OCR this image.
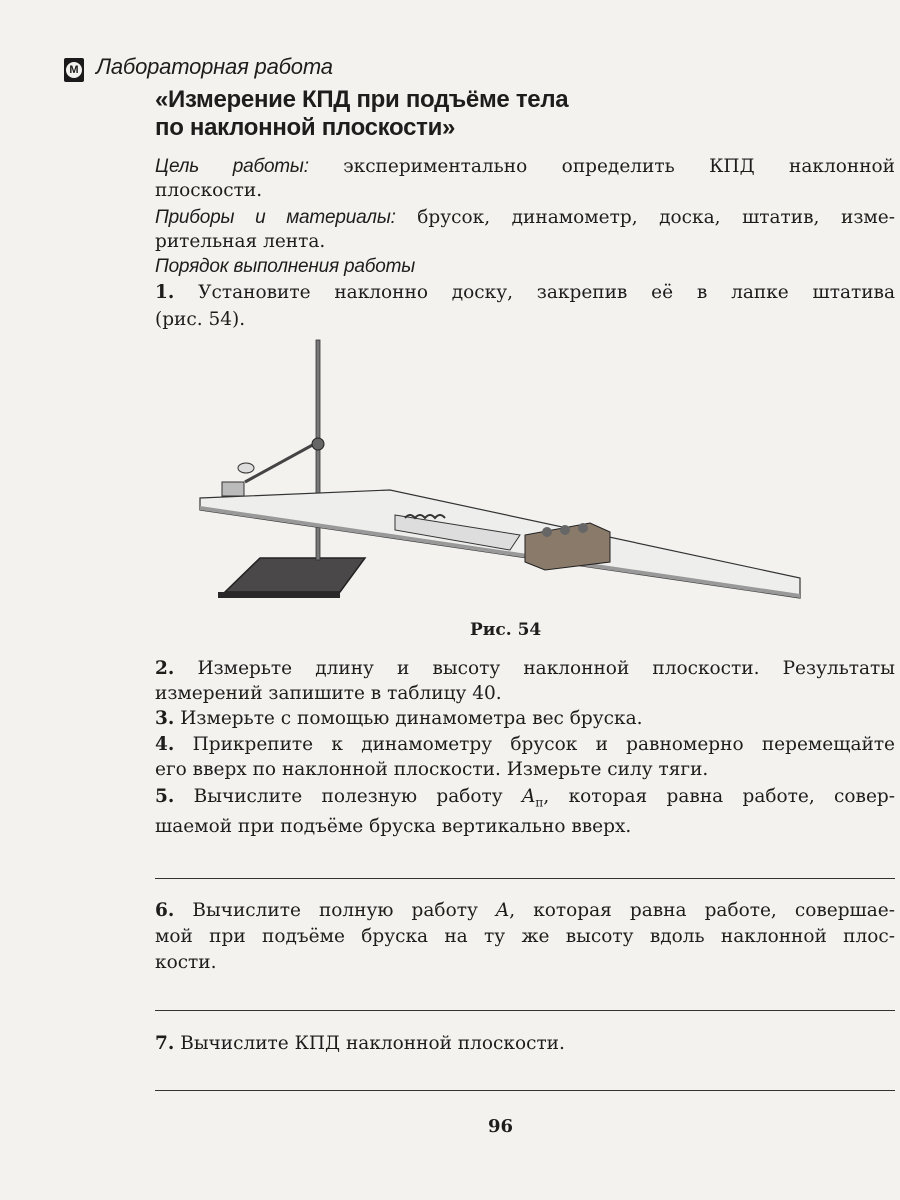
М Лабораторная работа
«Измерение КПД при подъёме тела
по наклонной плоскости»
Цель работы: экспериментально определить КПД наклонной
плоскости.
Приборы и материалы: брусок, динамометр, доска, штатив, изме-
рительная лента.
Порядок выполнения работы
1. Установите наклонно доску, закрепив её в лапке штатива
(рис. 54).
Рис. 54
2. Измерьте длину и высоту наклонной плоскости. Результаты
измерений запишите в таблицу 40.
3. Измерьте с помощью динамометра вес бруска.
4. Прикрепите к динамометру брусок и равномерно перемещайте
его вверх по наклонной плоскости. Измерьте силу тяги.
5. Вычислите полезную работу $A_п$, которая равна работе, совер-
шаемой при подъёме бруска вертикально вверх.
6. Вычислите полную работу A, которая равна работе, совершае-
мой при подъёме бруска на ту же высоту вдоль наклонной плос-
кости.
7. Вычислите КПД наклонной плоскости.
96
